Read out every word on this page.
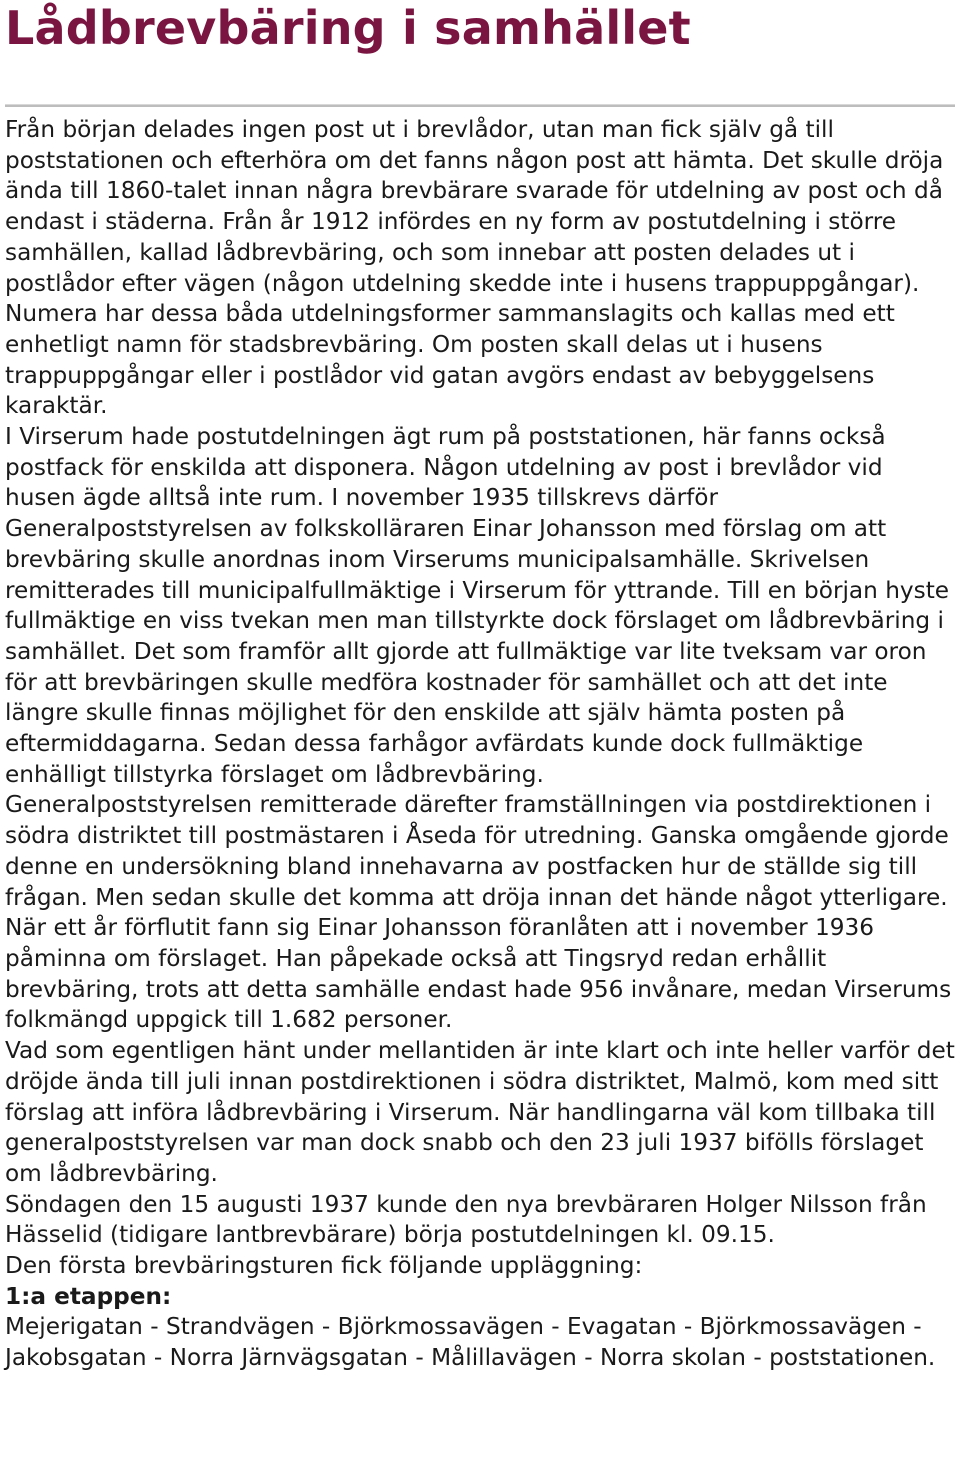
Lådbrevbäring i samhället

Från början delades ingen post ut i brevlådor, utan man fick själv gå till poststationen och efterhöra om det fanns någon post att hämta. Det skulle dröja ända till 1860-talet innan några brevbärare svarade för utdelning av post och då endast i städerna. Från år 1912 infördes en ny form av postutdelning i större samhällen, kallad lådbrevbäring, och som innebar att posten delades ut i postlådor efter vägen (någon utdelning skedde inte i husens trappuppgångar). Numera har dessa båda utdelningsformer sammanslagits och kallas med ett enhetligt namn för stadsbrevbäring. Om posten skall delas ut i husens trappuppgångar eller i postlådor vid gatan avgörs endast av bebyggelsens karaktär.

I Virserum hade postutdelningen ägt rum på poststationen, här fanns också postfack för enskilda att disponera. Någon utdelning av post i brevlådor vid husen ägde alltså inte rum. I november 1935 tillskrevs därför Generalpoststyrelsen av folkskolläraren Einar Johansson med förslag om att brevbäring skulle anordnas inom Virserums municipalsamhälle. Skrivelsen remitterades till municipalfullmäktige i Virserum för yttrande. Till en början hyste fullmäktige en viss tvekan men man tillstyrkte dock förslaget om lådbrevbäring i samhället. Det som framför allt gjorde att fullmäktige var lite tveksam var oron för att brevbäringen skulle medföra kostnader för samhället och att det inte längre skulle finnas möjlighet för den enskilde att själv hämta posten på eftermiddagarna. Sedan dessa farhågor avfärdats kunde dock fullmäktige enhälligt tillstyrka förslaget om lådbrevbäring.

Generalpoststyrelsen remitterade därefter framställningen via postdirektionen i södra distriktet till postmästaren i Åseda för utredning. Ganska omgående gjorde denne en undersökning bland innehavarna av postfacken hur de ställde sig till frågan. Men sedan skulle det komma att dröja innan det hände något ytterligare. När ett år förflutit fann sig Einar Johansson föranlåten att i november 1936 påminna om förslaget. Han påpekade också att Tingsryd redan erhållit brevbäring, trots att detta samhälle endast hade 956 invånare, medan Virserums folkmängd uppgick till 1.682 personer.

Vad som egentligen hänt under mellantiden är inte klart och inte heller varför det dröjde ända till juli innan postdirektionen i södra distriktet, Malmö, kom med sitt förslag att införa lådbrevbäring i Virserum. När handlingarna väl kom tillbaka till generalpoststyrelsen var man dock snabb och den 23 juli 1937 bifölls förslaget om lådbrevbäring.

Söndagen den 15 augusti 1937 kunde den nya brevbäraren Holger Nilsson från Hässelid (tidigare lantbrevbärare) börja postutdelningen kl. 09.15.

Den första brevbäringsturen fick följande uppläggning:

1:a etappen:

Mejerigatan - Strandvägen - Björkmossavägen - Evagatan - Björkmossavägen - Jakobsgatan - Norra Järnvägsgatan - Målillavägen - Norra skolan - poststationen.
